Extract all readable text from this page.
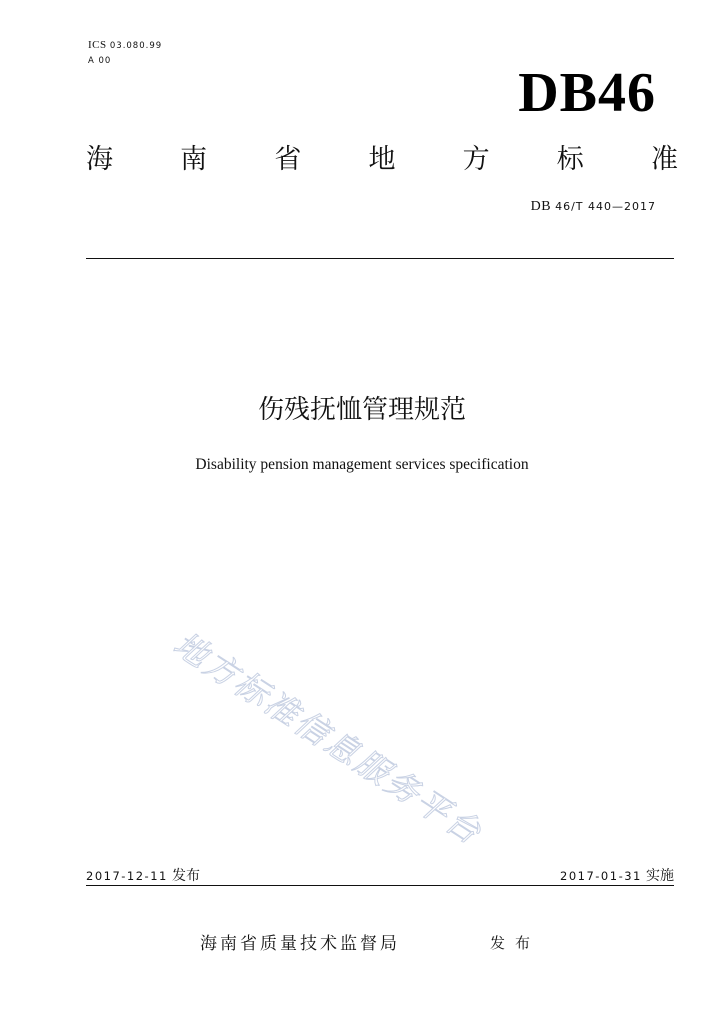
ICS 03.080.99
A 00
DB46
海 南 省 地 方 标 准
DB 46/T 440—2017
伤残抚恤管理规范
Disability pension management services specification
地方标准信息服务平台
2017-12-11 发布	2017-01-31 实施
海南省质量技术监督局	发布
